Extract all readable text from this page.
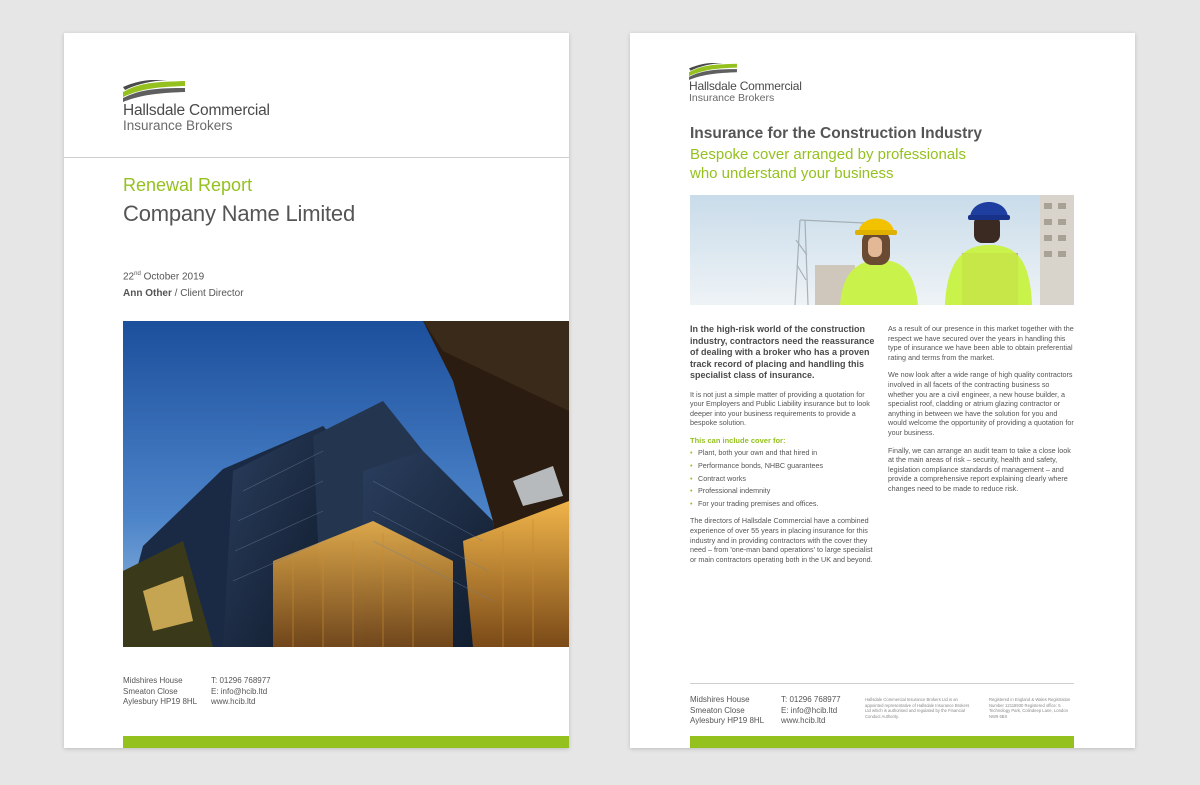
Hallsdale Commercial
Insurance Brokers
Renewal Report
Company Name Limited
22nd October 2019
Ann Other / Client Director
Midshires House
Smeaton Close
Aylesbury HP19 8HL
T: 01296 768977
E: info@hcib.ltd
www.hcib.ltd
Hallsdale Commercial
Insurance Brokers
Insurance for the Construction Industry
Bespoke cover arranged by professionals
who understand your business

In the high-risk world of the construction industry, contractors need the reassurance of dealing with a broker who has a proven track record of placing and handling this specialist class of insurance.

It is not just a simple matter of providing a quotation for your Employers and Public Liability insurance but to look deeper into your business requirements to provide a bespoke solution.

This can include cover for:
• Plant, both your own and that hired in
• Performance bonds, NHBC guarantees
• Contract works
• Professional indemnity
• For your trading premises and offices.

The directors of Hallsdale Commercial have a combined experience of over 55 years in placing insurance for this industry and in providing contractors with the cover they need – from 'one-man band operations' to large specialist or main contractors operating both in the UK and beyond.

As a result of our presence in this market together with the respect we have secured over the years in handling this type of insurance we have been able to obtain preferential rating and terms from the market.

We now look after a wide range of high quality contractors involved in all facets of the contracting business so whether you are a civil engineer, a new house builder, a specialist roof, cladding or atrium glazing contractor or anything in between we have the solution for you and would welcome the opportunity of providing a quotation for your business.

Finally, we can arrange an audit team to take a close look at the main areas of risk – security, health and safety, legislation compliance standards of management – and provide a comprehensive report explaining clearly where changes need to be made to reduce risk.

Midshires House
Smeaton Close
Aylesbury HP19 8HL
T: 01296 768977
E: info@hcib.ltd
www.hcib.ltd
Hallsdale Commercial Insurance Brokers Ltd is an appointed representative of Hallsdale Insurance Brokers Ltd which is authorised and regulated by the Financial Conduct Authority.
Registered in England & Wales Registration Number 12118930 Registered office: 5 Technology Park, Colindeep Lane, London NW9 6BX
